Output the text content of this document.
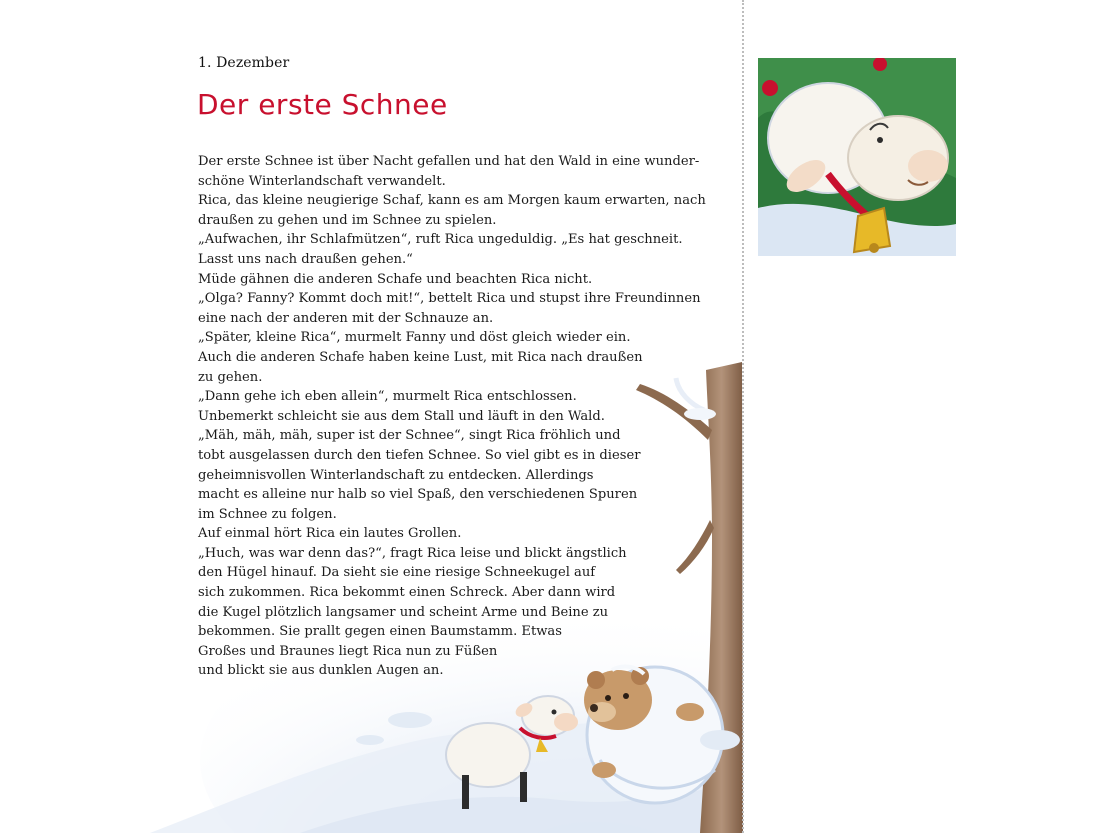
1. Dezember
Der erste Schnee
Der erste Schnee ist über Nacht gefallen und hat den Wald in eine wunder-
schöne Winterlandschaft verwandelt.
Rica, das kleine neugierige Schaf, kann es am Morgen kaum erwarten, nach
draußen zu gehen und im Schnee zu spielen.
„Aufwachen, ihr Schlafmützen“, ruft Rica ungeduldig. „Es hat geschneit.
Lasst uns nach draußen gehen.“
Müde gähnen die anderen Schafe und beachten Rica nicht.
„Olga? Fanny? Kommt doch mit!“, bettelt Rica und stupst ihre Freundinnen
eine nach der anderen mit der Schnauze an.
„Später, kleine Rica“, murmelt Fanny und döst gleich wieder ein.
Auch die anderen Schafe haben keine Lust, mit Rica nach draußen
zu gehen.
„Dann gehe ich eben allein“, murmelt Rica entschlossen.
Unbemerkt schleicht sie aus dem Stall und läuft in den Wald.
„Mäh, mäh, mäh, super ist der Schnee“, singt Rica fröhlich und
tobt ausgelassen durch den tiefen Schnee. So viel gibt es in dieser
geheimnisvollen Winterlandschaft zu entdecken. Allerdings
macht es alleine nur halb so viel Spaß, den verschiedenen Spuren
im Schnee zu folgen.
Auf einmal hört Rica ein lautes Grollen.
„Huch, was war denn das?“, fragt Rica leise und blickt ängstlich
den Hügel hinauf. Da sieht sie eine riesige Schneekugel auf
sich zukommen. Rica bekommt einen Schreck. Aber dann wird
die Kugel plötzlich langsamer und scheint Arme und Beine zu
bekommen. Sie prallt gegen einen Baumstamm. Etwas
Großes und Braunes liegt Rica nun zu Füßen
und blickt sie aus dunklen Augen an.
